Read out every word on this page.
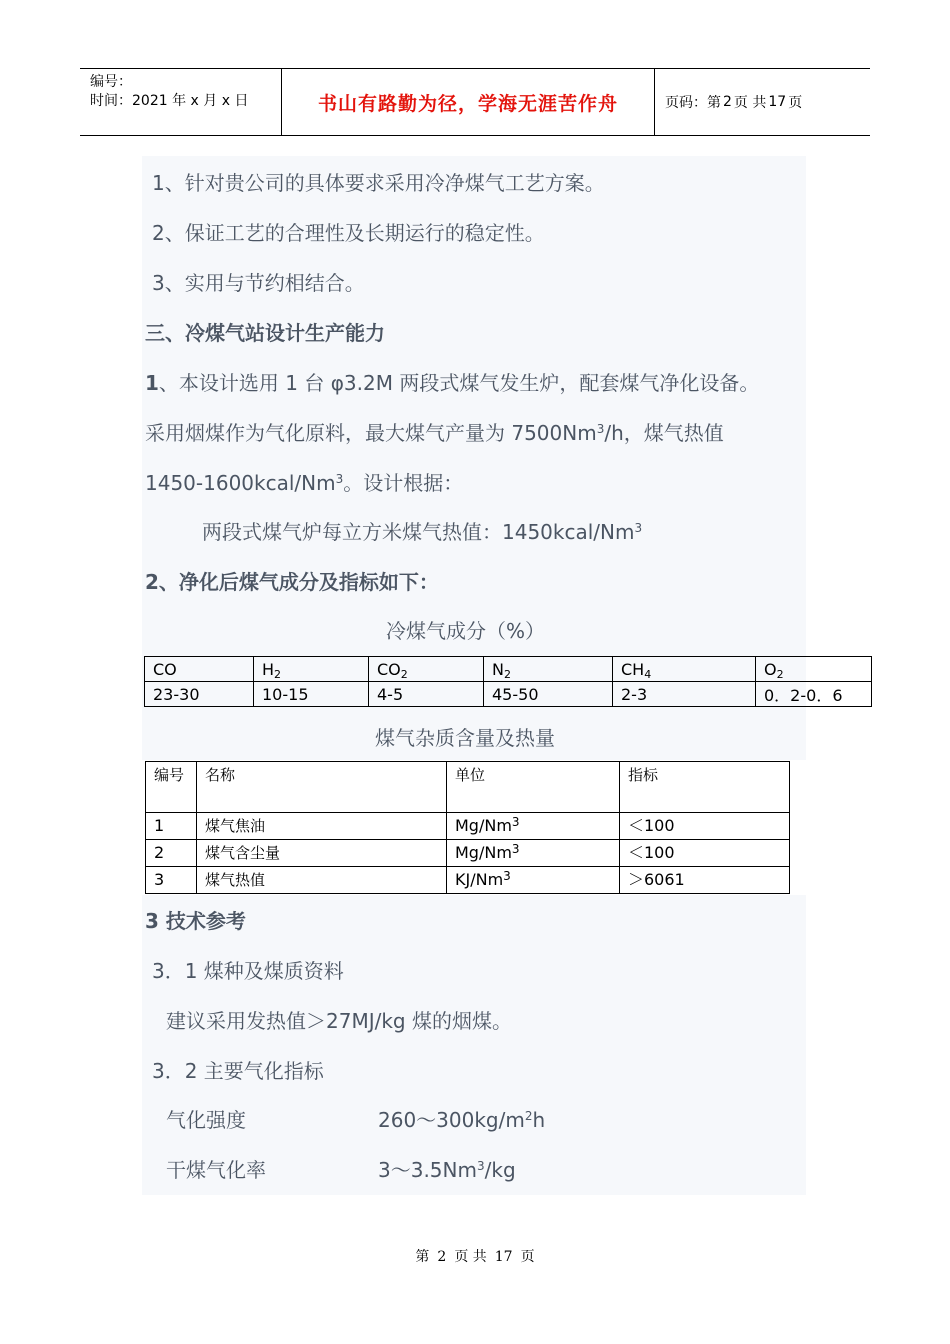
编号：
时间：2021 年 x 月 x 日	书山有路勤为径，学海无涯苦作舟	页码：第 2 页 共 17 页
1、针对贵公司的具体要求采用冷净煤气工艺方案。
2、保证工艺的合理性及长期运行的稳定性。
3、实用与节约相结合。
三、冷煤气站设计生产能力
1、本设计选用 1 台 φ3.2M 两段式煤气发生炉，配套煤气净化设备。
采用烟煤作为气化原料，最大煤气产量为 7500Nm$^3$/h，煤气热值
1450-1600kcal/Nm$^3$。设计根据：
两段式煤气炉每立方米煤气热值：1450kcal/Nm$^3$
2、净化后煤气成分及指标如下：
冷煤气成分（%）
CO	$H_2$	$CO_2$	$N_2$	$CH_4$	$O_2$
23-30	10-15	4-5	45-50	2-3	0．2-0．6
煤气杂质含量及热量
编号	名称	单位	指标
1	煤气焦油	$Mg/Nm^3$	＜100
2	煤气含尘量	$Mg/Nm^3$	＜100
3	煤气热值	$KJ/Nm^3$	＞6061
3 技术参考
3．1 煤种及煤质资料
建议采用发热值＞27MJ/kg 煤的烟煤。
3．2 主要气化指标
气化强度	$260\sim 300kg/m^2h$
干煤气化率	3～3.5Nm$^3$/kg
第 2 页 共 17 页
